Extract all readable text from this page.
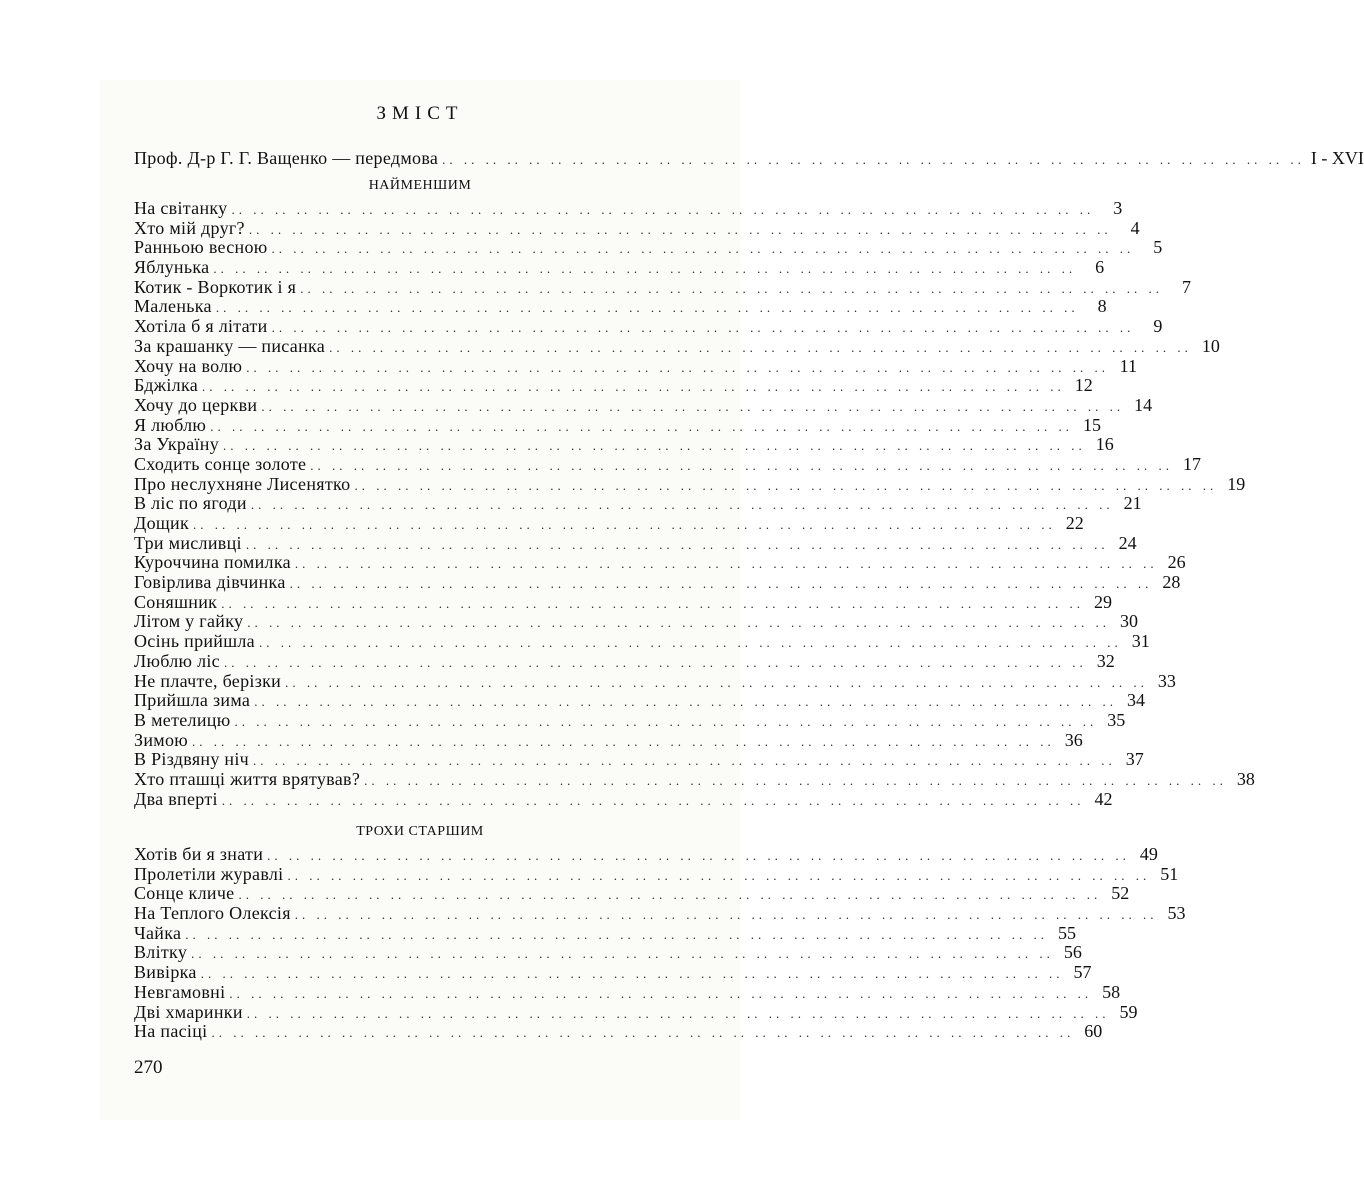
ЗМІСТ
Проф. Д-р Г. Г. Ващенко — передмова .. .. .. .. .. .. .. .. .. .. .. .. .. .. .. .. .. .. .. .. .. .. .. .. .. .. .. .. .. .. .. .. .. .. .. .. .. .. .. .. І - XVI
НАЙМЕНШИМ
На світанку .. .. .. .. .. .. .. .. .. .. .. .. .. .. .. .. .. .. .. .. .. .. .. .. .. .. .. .. .. .. .. .. .. .. .. .. .. .. .. ..	3
Хто мій друг? .. .. .. .. .. .. .. .. .. .. .. .. .. .. .. .. .. .. .. .. .. .. .. .. .. .. .. .. .. .. .. .. .. .. .. .. .. .. .. ..	4
Ранньою весною .. .. .. .. .. .. .. .. .. .. .. .. .. .. .. .. .. .. .. .. .. .. .. .. .. .. .. .. .. .. .. .. .. .. .. .. .. .. .. ..	5
Яблунька .. .. .. .. .. .. .. .. .. .. .. .. .. .. .. .. .. .. .. .. .. .. .. .. .. .. .. .. .. .. .. .. .. .. .. .. .. .. .. ..	6
Котик - Воркотик і я .. .. .. .. .. .. .. .. .. .. .. .. .. .. .. .. .. .. .. .. .. .. .. .. .. .. .. .. .. .. .. .. .. .. .. .. .. .. .. ..	7
Маленька .. .. .. .. .. .. .. .. .. .. .. .. .. .. .. .. .. .. .. .. .. .. .. .. .. .. .. .. .. .. .. .. .. .. .. .. .. .. .. ..	8
Хотіла б я літати .. .. .. .. .. .. .. .. .. .. .. .. .. .. .. .. .. .. .. .. .. .. .. .. .. .. .. .. .. .. .. .. .. .. .. .. .. .. .. ..	9
За крашанку — писанка .. .. .. .. .. .. .. .. .. .. .. .. .. .. .. .. .. .. .. .. .. .. .. .. .. .. .. .. .. .. .. .. .. .. .. .. .. .. .. .. 10
Хочу на волю .. .. .. .. .. .. .. .. .. .. .. .. .. .. .. .. .. .. .. .. .. .. .. .. .. .. .. .. .. .. .. .. .. .. .. .. .. .. .. .. 11
Бджілка .. .. .. .. .. .. .. .. .. .. .. .. .. .. .. .. .. .. .. .. .. .. .. .. .. .. .. .. .. .. .. .. .. .. .. .. .. .. .. .. 12
Хочу до церкви .. .. .. .. .. .. .. .. .. .. .. .. .. .. .. .. .. .. .. .. .. .. .. .. .. .. .. .. .. .. .. .. .. .. .. .. .. .. .. .. 14
Я люблю .. .. .. .. .. .. .. .. .. .. .. .. .. .. .. .. .. .. .. .. .. .. .. .. .. .. .. .. .. .. .. .. .. .. .. .. .. .. .. .. 15
За Україну .. .. .. .. .. .. .. .. .. .. .. .. .. .. .. .. .. .. .. .. .. .. .. .. .. .. .. .. .. .. .. .. .. .. .. .. .. .. .. .. 16
Сходить сонце золоте .. .. .. .. .. .. .. .. .. .. .. .. .. .. .. .. .. .. .. .. .. .. .. .. .. .. .. .. .. .. .. .. .. .. .. .. .. .. .. .. 17
Про неслухняне Лисенятко .. .. .. .. .. .. .. .. .. .. .. .. .. .. .. .. .. .. .. .. .. .. .. .. .. .. .. .. .. .. .. .. .. .. .. .. .. .. .. .. 19
В ліс по ягоди .. .. .. .. .. .. .. .. .. .. .. .. .. .. .. .. .. .. .. .. .. .. .. .. .. .. .. .. .. .. .. .. .. .. .. .. .. .. .. .. 21
Дощик .. .. .. .. .. .. .. .. .. .. .. .. .. .. .. .. .. .. .. .. .. .. .. .. .. .. .. .. .. .. .. .. .. .. .. .. .. .. .. .. 22
Три мисливці .. .. .. .. .. .. .. .. .. .. .. .. .. .. .. .. .. .. .. .. .. .. .. .. .. .. .. .. .. .. .. .. .. .. .. .. .. .. .. .. 24
Куроччина помилка .. .. .. .. .. .. .. .. .. .. .. .. .. .. .. .. .. .. .. .. .. .. .. .. .. .. .. .. .. .. .. .. .. .. .. .. .. .. .. .. 26
Говірлива дівчинка .. .. .. .. .. .. .. .. .. .. .. .. .. .. .. .. .. .. .. .. .. .. .. .. .. .. .. .. .. .. .. .. .. .. .. .. .. .. .. .. 28
Соняшник .. .. .. .. .. .. .. .. .. .. .. .. .. .. .. .. .. .. .. .. .. .. .. .. .. .. .. .. .. .. .. .. .. .. .. .. .. .. .. .. 29
Літом у гайку .. .. .. .. .. .. .. .. .. .. .. .. .. .. .. .. .. .. .. .. .. .. .. .. .. .. .. .. .. .. .. .. .. .. .. .. .. .. .. .. 30
Осінь прийшла .. .. .. .. .. .. .. .. .. .. .. .. .. .. .. .. .. .. .. .. .. .. .. .. .. .. .. .. .. .. .. .. .. .. .. .. .. .. .. .. 31
Люблю ліс .. .. .. .. .. .. .. .. .. .. .. .. .. .. .. .. .. .. .. .. .. .. .. .. .. .. .. .. .. .. .. .. .. .. .. .. .. .. .. .. 32
Не плачте, берізки .. .. .. .. .. .. .. .. .. .. .. .. .. .. .. .. .. .. .. .. .. .. .. .. .. .. .. .. .. .. .. .. .. .. .. .. .. .. .. .. 33
Прийшла зима .. .. .. .. .. .. .. .. .. .. .. .. .. .. .. .. .. .. .. .. .. .. .. .. .. .. .. .. .. .. .. .. .. .. .. .. .. .. .. .. 34
В метелицю .. .. .. .. .. .. .. .. .. .. .. .. .. .. .. .. .. .. .. .. .. .. .. .. .. .. .. .. .. .. .. .. .. .. .. .. .. .. .. .. 35
Зимою .. .. .. .. .. .. .. .. .. .. .. .. .. .. .. .. .. .. .. .. .. .. .. .. .. .. .. .. .. .. .. .. .. .. .. .. .. .. .. .. 36
В Різдвяну ніч .. .. .. .. .. .. .. .. .. .. .. .. .. .. .. .. .. .. .. .. .. .. .. .. .. .. .. .. .. .. .. .. .. .. .. .. .. .. .. .. 37
Хто пташці життя врятував? .. .. .. .. .. .. .. .. .. .. .. .. .. .. .. .. .. .. .. .. .. .. .. .. .. .. .. .. .. .. .. .. .. .. .. .. .. .. .. .. 38
Два вперті .. .. .. .. .. .. .. .. .. .. .. .. .. .. .. .. .. .. .. .. .. .. .. .. .. .. .. .. .. .. .. .. .. .. .. .. .. .. .. .. 42
ТРОХИ СТАРШИМ
Хотів би я знати .. .. .. .. .. .. .. .. .. .. .. .. .. .. .. .. .. .. .. .. .. .. .. .. .. .. .. .. .. .. .. .. .. .. .. .. .. .. .. .. 49
Пролетіли журавлі .. .. .. .. .. .. .. .. .. .. .. .. .. .. .. .. .. .. .. .. .. .. .. .. .. .. .. .. .. .. .. .. .. .. .. .. .. .. .. .. 51
Сонце кличе .. .. .. .. .. .. .. .. .. .. .. .. .. .. .. .. .. .. .. .. .. .. .. .. .. .. .. .. .. .. .. .. .. .. .. .. .. .. .. .. 52
На Теплого Олексія .. .. .. .. .. .. .. .. .. .. .. .. .. .. .. .. .. .. .. .. .. .. .. .. .. .. .. .. .. .. .. .. .. .. .. .. .. .. .. .. 53
Чайка .. .. .. .. .. .. .. .. .. .. .. .. .. .. .. .. .. .. .. .. .. .. .. .. .. .. .. .. .. .. .. .. .. .. .. .. .. .. .. .. 55
Влітку .. .. .. .. .. .. .. .. .. .. .. .. .. .. .. .. .. .. .. .. .. .. .. .. .. .. .. .. .. .. .. .. .. .. .. .. .. .. .. .. 56
Вивірка .. .. .. .. .. .. .. .. .. .. .. .. .. .. .. .. .. .. .. .. .. .. .. .. .. .. .. .. .. .. .. .. .. .. .. .. .. .. .. .. 57
Невгамовні .. .. .. .. .. .. .. .. .. .. .. .. .. .. .. .. .. .. .. .. .. .. .. .. .. .. .. .. .. .. .. .. .. .. .. .. .. .. .. .. 58
Дві хмаринки .. .. .. .. .. .. .. .. .. .. .. .. .. .. .. .. .. .. .. .. .. .. .. .. .. .. .. .. .. .. .. .. .. .. .. .. .. .. .. .. 59
На пасіці .. .. .. .. .. .. .. .. .. .. .. .. .. .. .. .. .. .. .. .. .. .. .. .. .. .. .. .. .. .. .. .. .. .. .. .. .. .. .. .. 60
270
